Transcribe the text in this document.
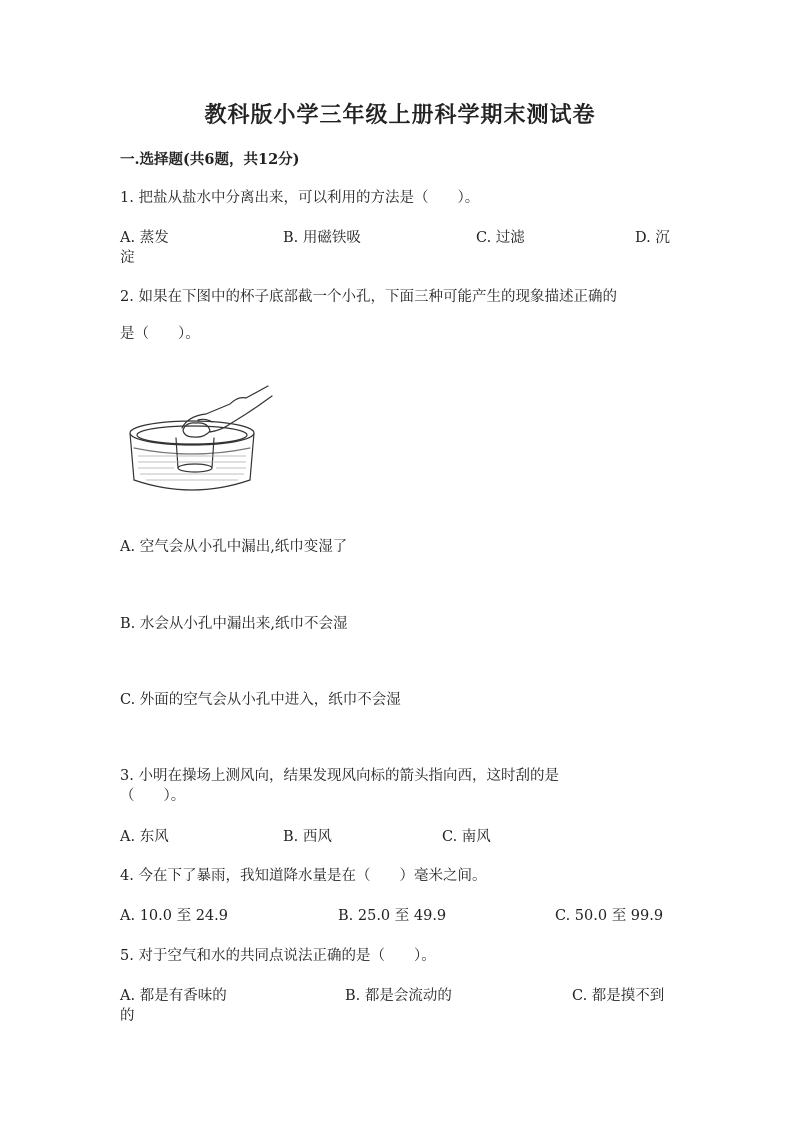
教科版小学三年级上册科学期末测试卷
一.选择题(共6题，共12分)
1. 把盐从盐水中分离出来，可以利用的方法是（　　）。
A. 蒸发	B. 用磁铁吸	C. 过滤	D. 沉
淀
2. 如果在下图中的杯子底部截一个小孔，下面三种可能产生的现象描述正确的
是（　　）。
A. 空气会从小孔中漏出,纸巾变湿了
B. 水会从小孔中漏出来,纸巾不会湿
C. 外面的空气会从小孔中进入，纸巾不会湿
3. 小明在操场上测风向，结果发现风向标的箭头指向西，这时刮的是
（　　）。
A. 东风	B. 西风	C. 南风
4. 今在下了暴雨，我知道降水量是在（　　）毫米之间。
A. 10.0 至 24.9	B. 25.0 至 49.9	C. 50.0 至 99.9
5. 对于空气和水的共同点说法正确的是（　　）。
A. 都是有香味的	B. 都是会流动的	C. 都是摸不到
的
